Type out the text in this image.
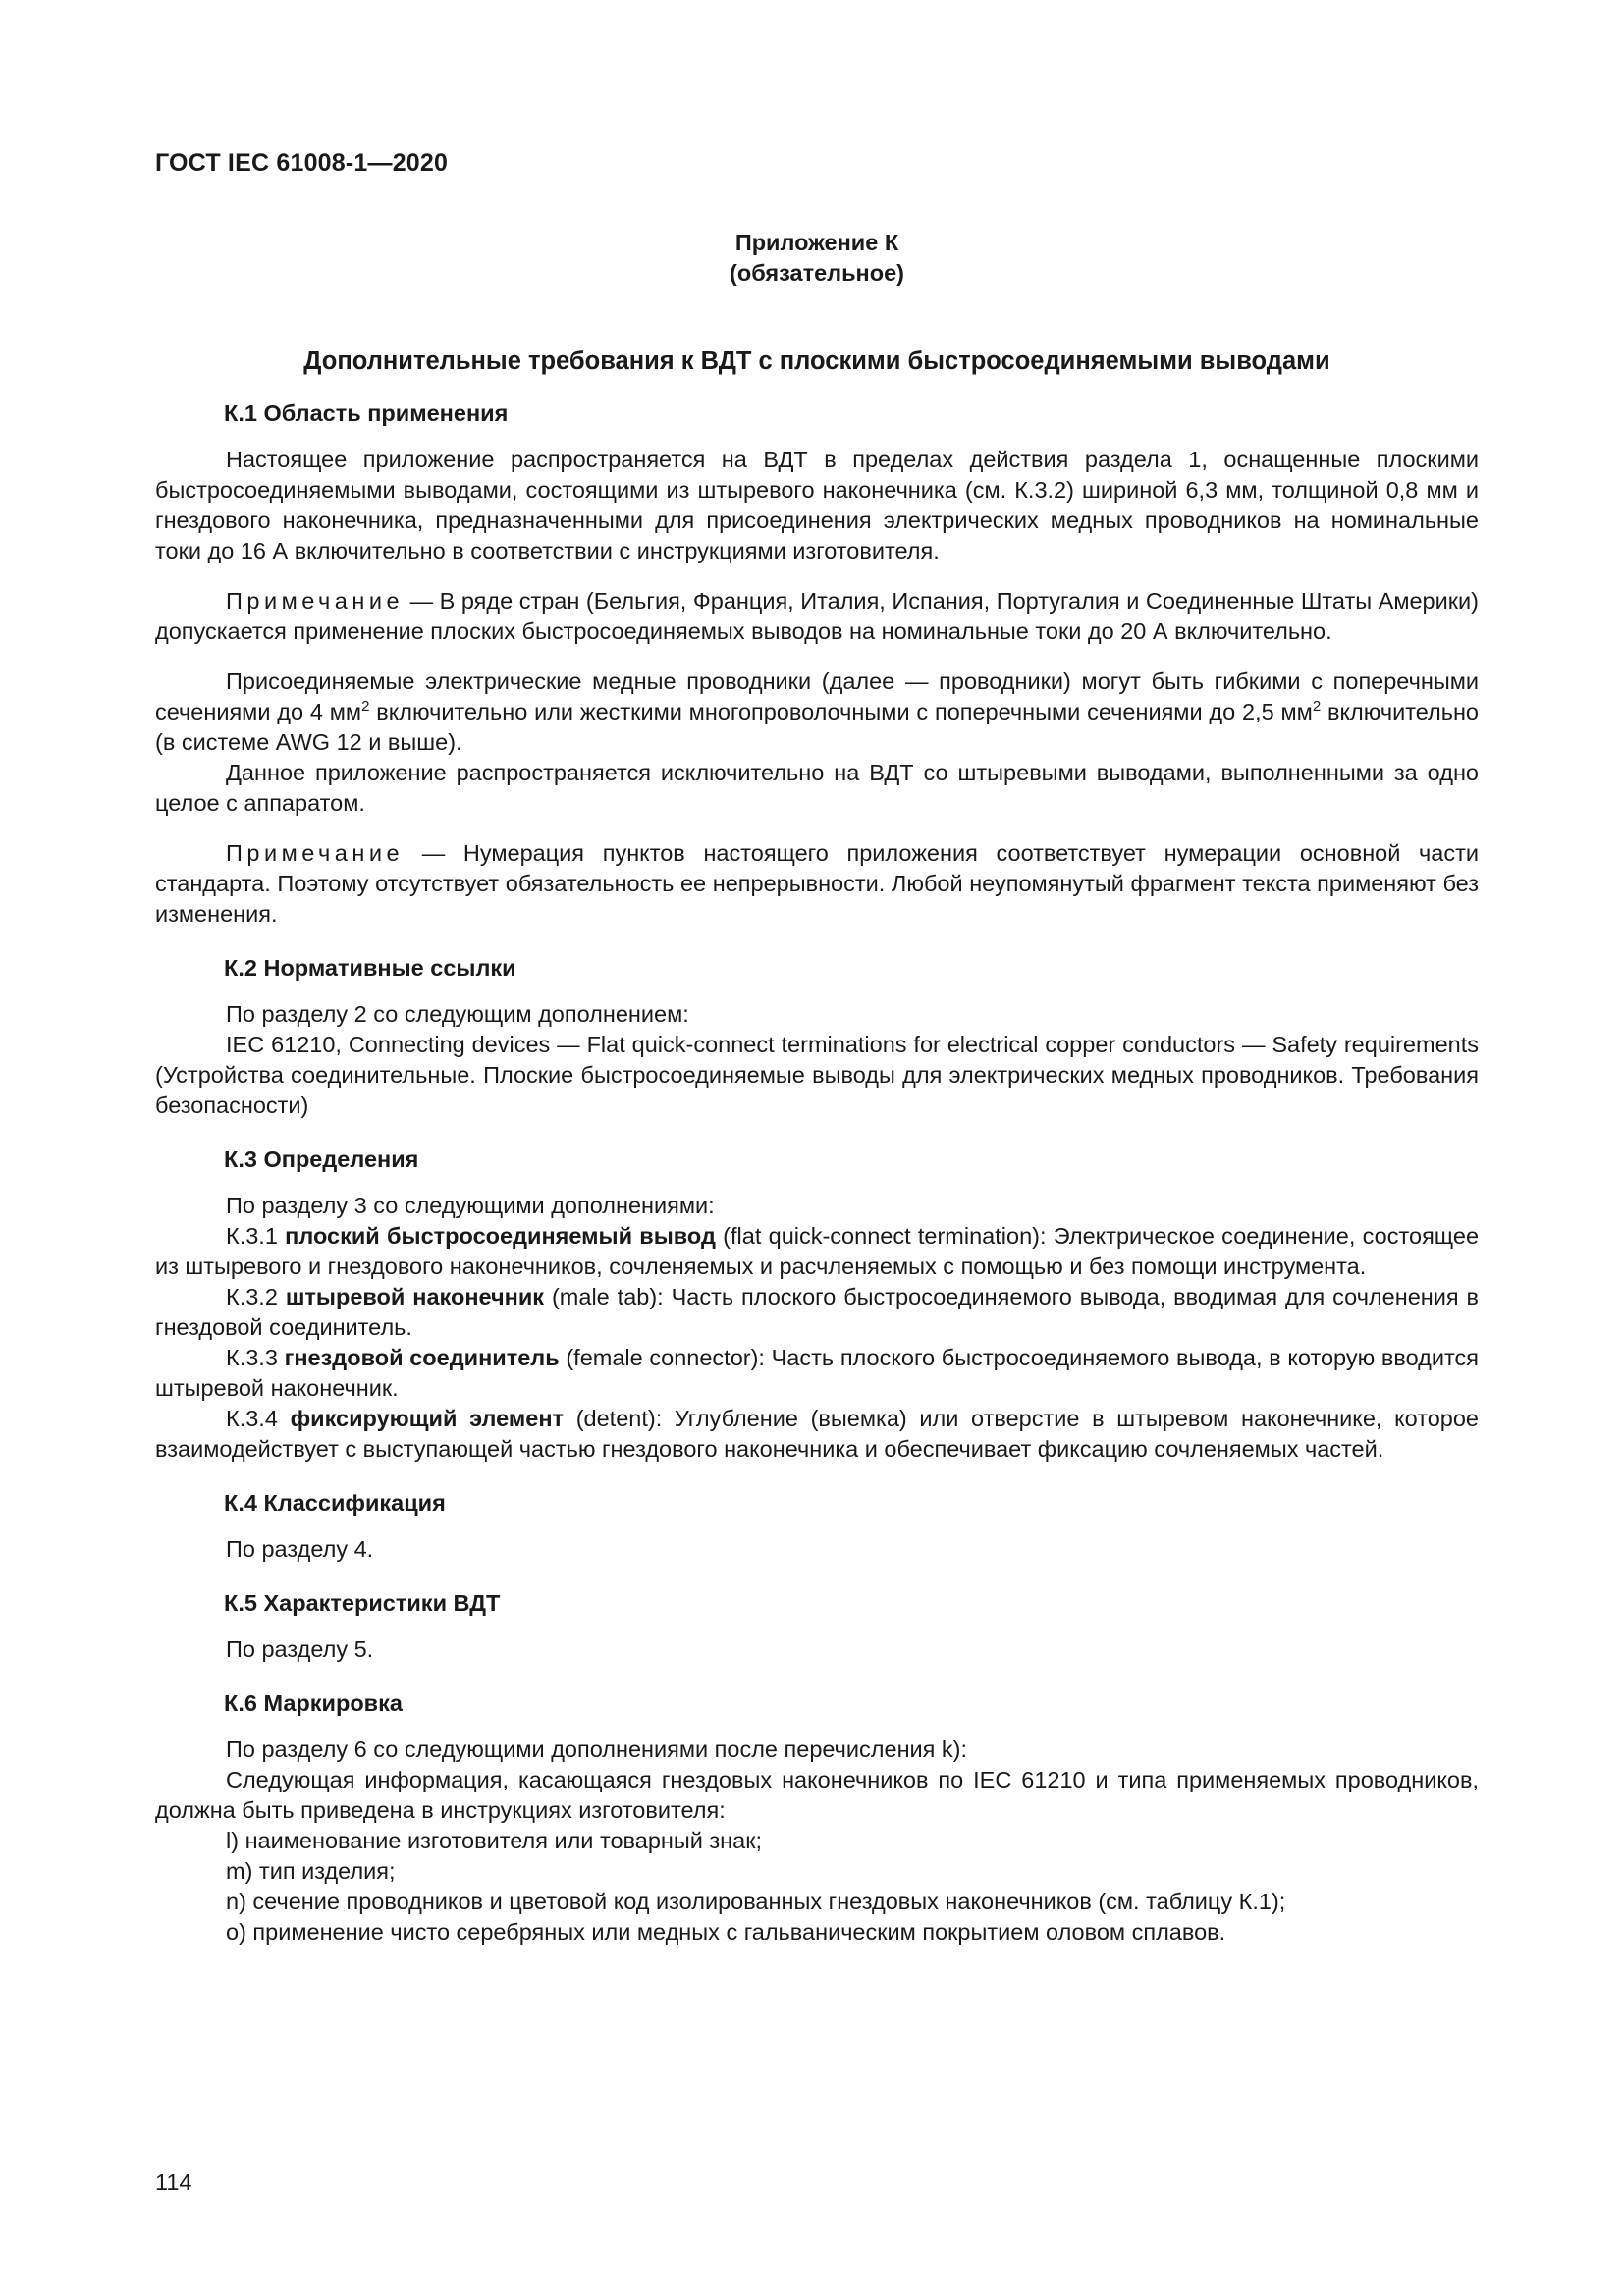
ГОСТ IEC 61008-1—2020
Приложение К
(обязательное)
Дополнительные требования к ВДТ с плоскими быстросоединяемыми выводами
К.1 Область применения

Настоящее приложение распространяется на ВДТ в пределах действия раздела 1, оснащенные плоскими быстросоединяемыми выводами, состоящими из штыревого наконечника (см. К.3.2) шириной 6,3 мм, толщиной 0,8 мм и гнездового наконечника, предназначенными для присоединения электрических медных проводников на номинальные токи до 16 А включительно в соответствии с инструкциями изготовителя.

Примечание — В ряде стран (Бельгия, Франция, Италия, Испания, Португалия и Соединенные Штаты Америки) допускается применение плоских быстросоединяемых выводов на номинальные токи до 20 А включительно.

Присоединяемые электрические медные проводники (далее — проводники) могут быть гибкими с поперечными сечениями до 4 $мм^2$ включительно или жесткими многопроволочными с поперечными сечениями до 2,5 $мм^2$ включительно (в системе AWG 12 и выше).

Данное приложение распространяется исключительно на ВДТ со штыревыми выводами, выполненными за одно целое с аппаратом.

Примечание — Нумерация пунктов настоящего приложения соответствует нумерации основной части стандарта. Поэтому отсутствует обязательность ее непрерывности. Любой неупомянутый фрагмент текста применяют без изменения.

К.2 Нормативные ссылки

По разделу 2 со следующим дополнением:

IEC 61210, Connecting devices — Flat quick-connect terminations for electrical copper conductors — Safety requirements (Устройства соединительные. Плоские быстросоединяемые выводы для электрических медных проводников. Требования безопасности)

К.3 Определения

По разделу 3 со следующими дополнениями:

К.3.1 плоский быстросоединяемый вывод (flat quick-connect termination): Электрическое соединение, состоящее из штыревого и гнездового наконечников, сочленяемых и расчленяемых с помощью и без помощи инструмента.

К.3.2 штыревой наконечник (male tab): Часть плоского быстросоединяемого вывода, вводимая для сочленения в гнездовой соединитель.

К.3.3 гнездовой соединитель (female connector): Часть плоского быстросоединяемого вывода, в которую вводится штыревой наконечник.

К.3.4 фиксирующий элемент (detent): Углубление (выемка) или отверстие в штыревом наконечнике, которое взаимодействует с выступающей частью гнездового наконечника и обеспечивает фиксацию сочленяемых частей.

К.4 Классификация

По разделу 4.

К.5 Характеристики ВДТ

По разделу 5.

К.6 Маркировка

По разделу 6 со следующими дополнениями после перечисления k):

Следующая информация, касающаяся гнездовых наконечников по IEC 61210 и типа применяемых проводников, должна быть приведена в инструкциях изготовителя:

l) наименование изготовителя или товарный знак;

m) тип изделия;

n) сечение проводников и цветовой код изолированных гнездовых наконечников (см. таблицу К.1);

o) применение чисто серебряных или медных с гальваническим покрытием оловом сплавов.

114
